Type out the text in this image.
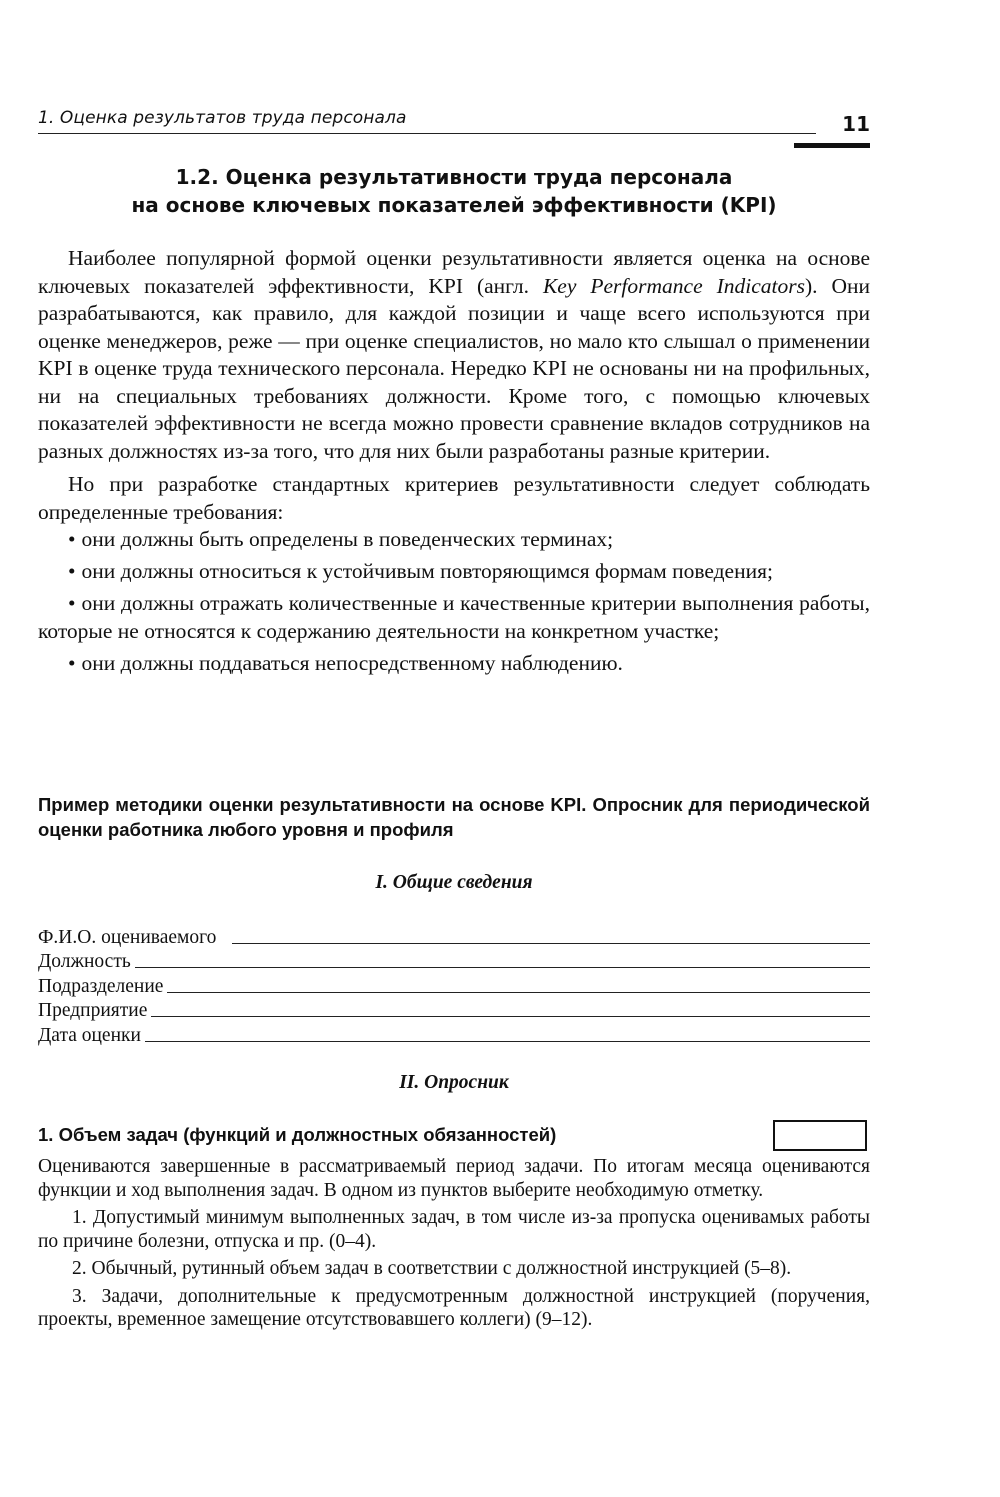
1. Оценка результатов труда персонала	11
1.2. Оценка результативности труда персонала
на основе ключевых показателей эффективности (KPI)

Наиболее популярной формой оценки результативности является оценка на основе ключевых показателей эффективности, KPI (англ. Key Performance Indicators). Они разрабатываются, как правило, для каждой позиции и чаще всего используются при оценке менеджеров, реже — при оценке специалистов, но мало кто слышал о применении KPI в оценке труда технического персонала. Нередко KPI не основаны ни на профильных, ни на специальных требованиях должности. Кроме того, с помощью ключевых показателей эффективности не всегда можно провести сравнение вкладов сотрудников на разных должностях из-за того, что для них были разработаны разные критерии.

Но при разработке стандартных критериев результативности следует соблюдать определенные требования:

• они должны быть определены в поведенческих терминах;
• они должны относиться к устойчивым повторяющимся формам поведения;
• они должны отражать количественные и качественные критерии выполнения работы, которые не относятся к содержанию деятельности на конкретном участке;
• они должны поддаваться непосредственному наблюдению.
Пример методики оценки результативности на основе KPI. Опросник для периодической оценки работника любого уровня и профиля
I. Общие сведения
Ф.И.О. оцениваемого
Должность
Подразделение
Предприятие
Дата оценки
II. Опросник
1. Объем задач (функций и должностных обязанностей)

Оцениваются завершенные в рассматриваемый период задачи. По итогам месяца оцениваются функции и ход выполнения задач. В одном из пунктов выберите необходимую отметку.

1. Допустимый минимум выполненных задач, в том числе из-за пропуска оценивамых работы по причине болезни, отпуска и пр. (0–4).

2. Обычный, рутинный объем задач в соответствии с должностной инструкцией (5–8).

3. Задачи, дополнительные к предусмотренным должностной инструкцией (поручения, проекты, временное замещение отсутствовавшего коллеги) (9–12).
